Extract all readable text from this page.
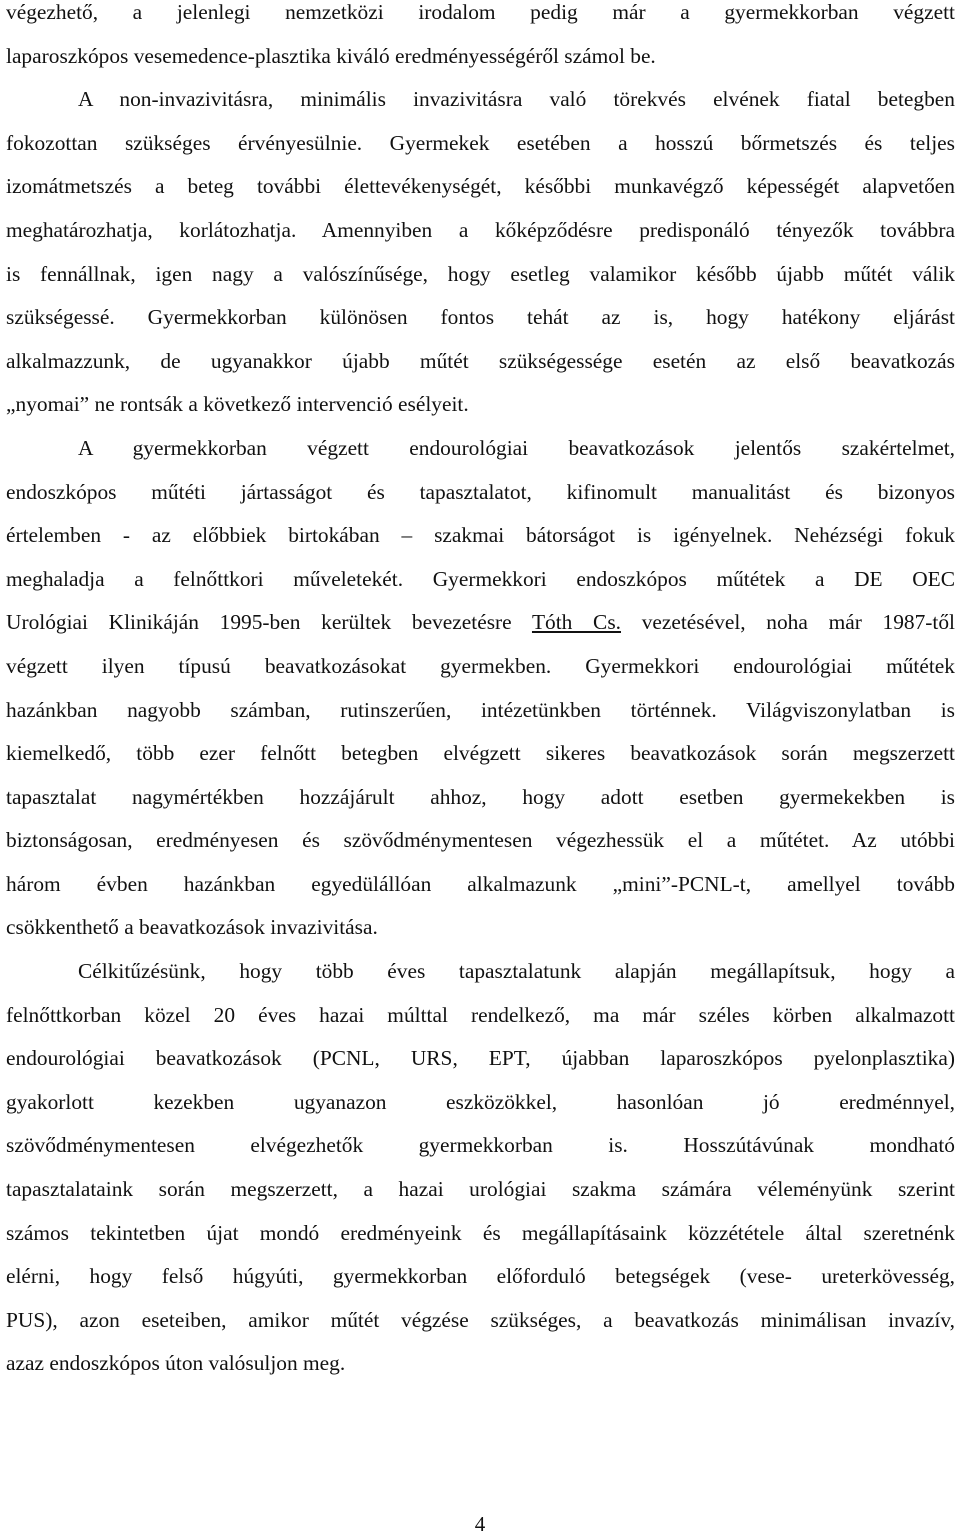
végezhető, a jelenlegi nemzetközi irodalom pedig már a gyermekkorban végzett
laparoszkópos vesemedence-plasztika kiváló eredményességéről számol be.
A non-invazivitásra, minimális invazivitásra való törekvés elvének fiatal betegben
fokozottan szükséges érvényesülnie. Gyermekek esetében a hosszú bőrmetszés és teljes
izomátmetszés a beteg további élettevékenységét, későbbi munkavégző képességét alapvetően
meghatározhatja, korlátozhatja. Amennyiben a kőképződésre predisponáló tényezők továbbra
is fennállnak, igen nagy a valószínűsége, hogy esetleg valamikor később újabb műtét válik
szükségessé. Gyermekkorban különösen fontos tehát az is, hogy hatékony eljárást
alkalmazzunk, de ugyanakkor újabb műtét szükségessége esetén az első beavatkozás
„nyomai” ne rontsák a következő intervenció esélyeit.
A gyermekkorban végzett endourológiai beavatkozások jelentős szakértelmet,
endoszkópos műtéti jártasságot és tapasztalatot, kifinomult manualitást és bizonyos
értelemben - az előbbiek birtokában – szakmai bátorságot is igényelnek. Nehézségi fokuk
meghaladja a felnőttkori műveletekét. Gyermekkori endoszkópos műtétek a DE OEC
Urológiai Klinikáján 1995-ben kerültek bevezetésre Tóth Cs. vezetésével, noha már 1987-től
végzett ilyen típusú beavatkozásokat gyermekben. Gyermekkori endourológiai műtétek
hazánkban nagyobb számban, rutinszerűen, intézetünkben történnek. Világviszonylatban is
kiemelkedő, több ezer felnőtt betegben elvégzett sikeres beavatkozások során megszerzett
tapasztalat nagymértékben hozzájárult ahhoz, hogy adott esetben gyermekekben is
biztonságosan, eredményesen és szövődménymentesen végezhessük el a műtétet. Az utóbbi
három évben hazánkban egyedülállóan alkalmazunk „mini”-PCNL-t, amellyel tovább
csökkenthető a beavatkozások invazivitása.
Célkitűzésünk, hogy több éves tapasztalatunk alapján megállapítsuk, hogy a
felnőttkorban közel 20 éves hazai múlttal rendelkező, ma már széles körben alkalmazott
endourológiai beavatkozások (PCNL, URS, EPT, újabban laparoszkópos pyelonplasztika)
gyakorlott kezekben ugyanazon eszközökkel, hasonlóan jó eredménnyel,
szövődménymentesen elvégezhetők gyermekkorban is. Hosszútávúnak mondható
tapasztalataink során megszerzett, a hazai urológiai szakma számára véleményünk szerint
számos tekintetben újat mondó eredményeink és megállapításaink közzététele által szeretnénk
elérni, hogy felső húgyúti, gyermekkorban előforduló betegségek (vese- ureterkövesség,
PUS), azon eseteiben, amikor műtét végzése szükséges, a beavatkozás minimálisan invazív,
azaz endoszkópos úton valósuljon meg.
4
